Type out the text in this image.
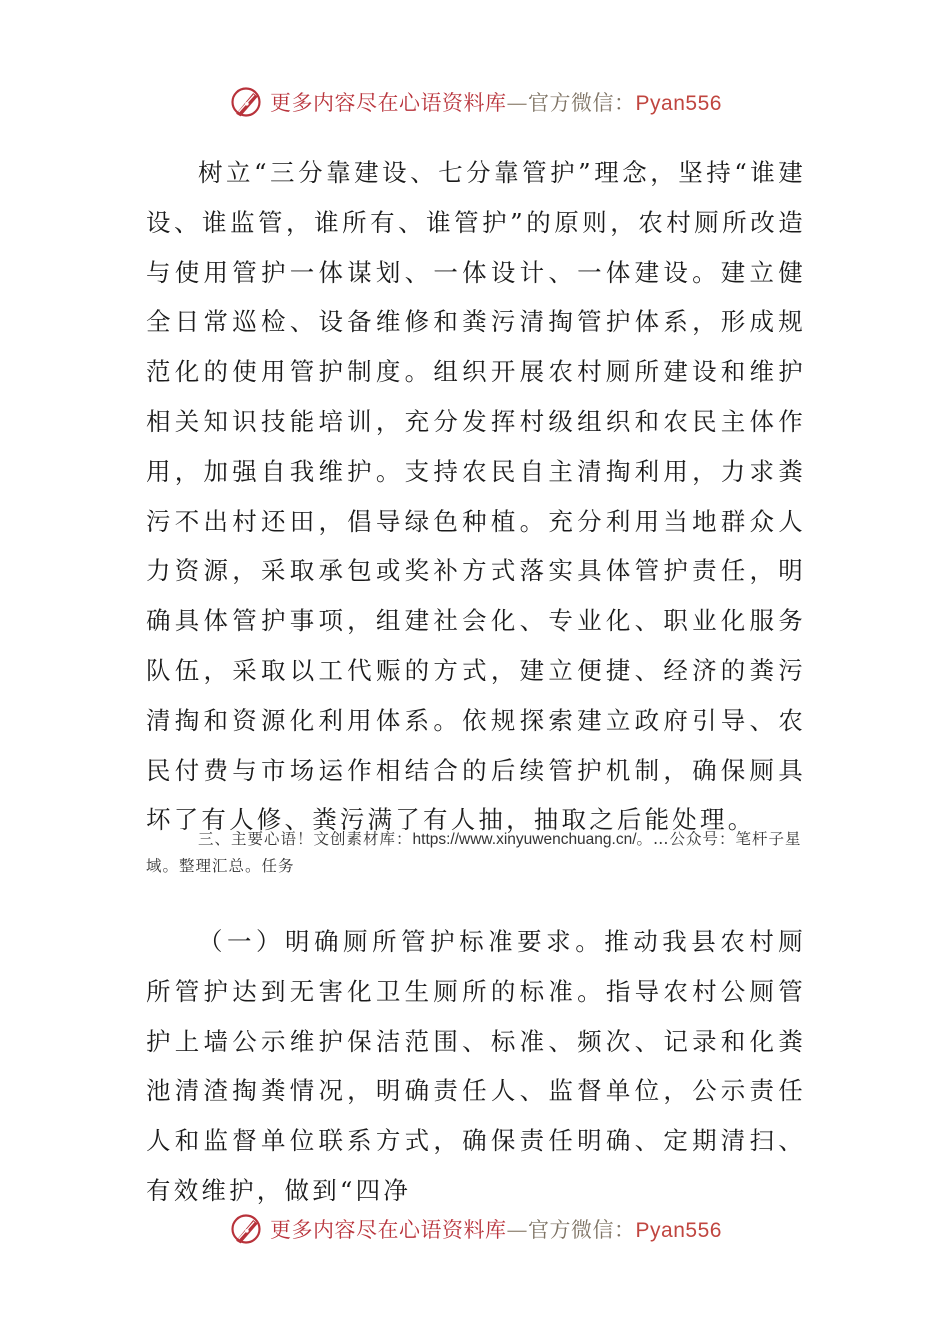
更多内容尽在心语资料库—官方微信：Pyan556

树立“三分靠建设、七分靠管护”理念，坚持“谁建设、谁监管，谁所有、谁管护”的原则，农村厕所改造与使用管护一体谋划、一体设计、一体建设。建立健全日常巡检、设备维修和粪污清掏管护体系，形成规范化的使用管护制度。组织开展农村厕所建设和维护相关知识技能培训，充分发挥村级组织和农民主体作用，加强自我维护。支持农民自主清掏利用，力求粪污不出村还田，倡导绿色种植。充分利用当地群众人力资源，采取承包或奖补方式落实具体管护责任，明确具体管护事项，组建社会化、专业化、职业化服务队伍，采取以工代赈的方式，建立便捷、经济的粪污清掏和资源化利用体系。依规探索建立政府引导、农民付费与市场运作相结合的后续管护机制，确保厕具坏了有人修、粪污满了有人抽，抽取之后能处理。

三、主要心语！文创素材库：https://www.xinyuwenchuang.cn/。…公众号：笔杆子星域。整理汇总。任务

（一）明确厕所管护标准要求。推动我县农村厕所管护达到无害化卫生厕所的标准。指导农村公厕管护上墙公示维护保洁范围、标准、频次、记录和化粪池清渣掏粪情况，明确责任人、监督单位，公示责任人和监督单位联系方式，确保责任明确、定期清扫、有效维护，做到“四净

更多内容尽在心语资料库—官方微信：Pyan556
